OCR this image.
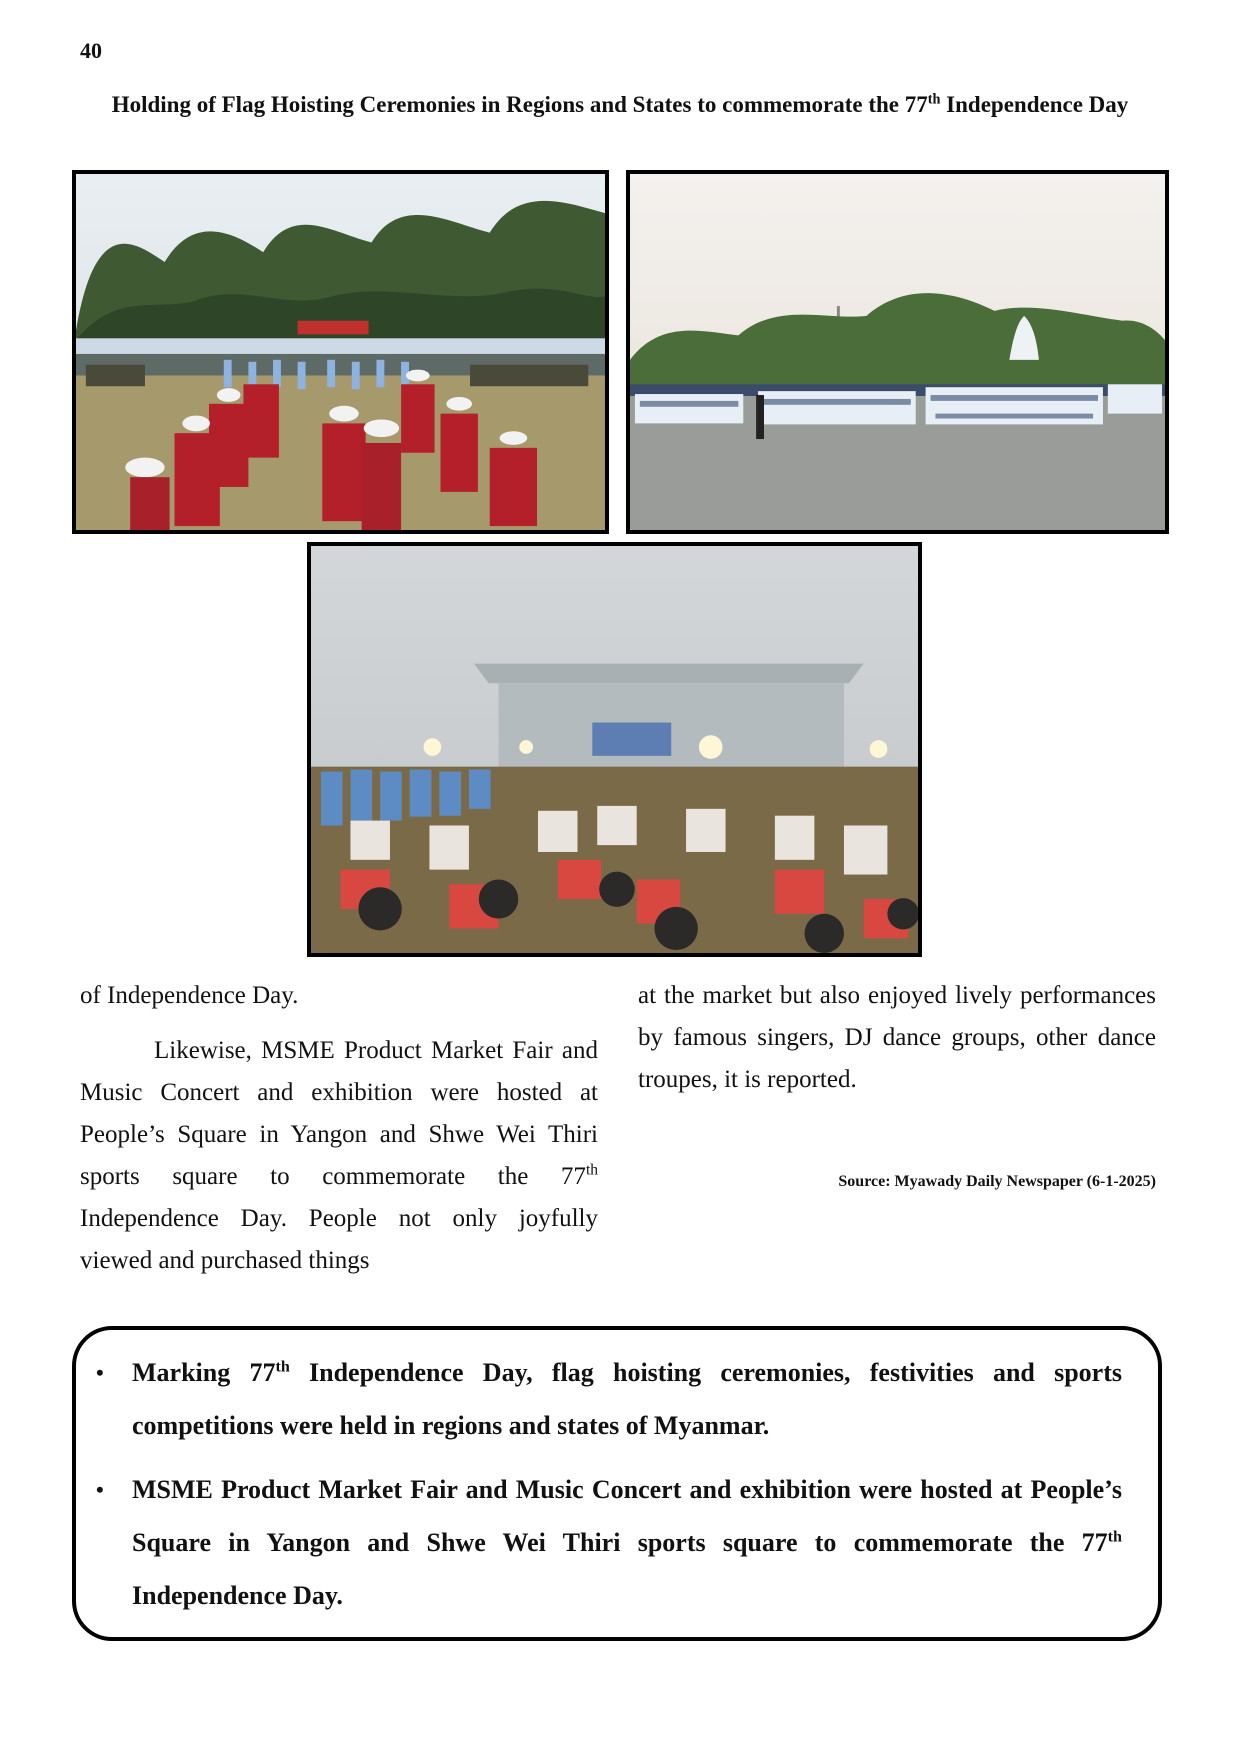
40
Holding of Flag Hoisting Ceremonies in Regions and States to commemorate the 77th Independence Day

of Independence Day.

Likewise, MSME Product Market Fair and Music Concert and exhibition were hosted at People’s Square in Yangon and Shwe Wei Thiri sports square to commemorate the 77th Independence Day. People not only joyfully viewed and purchased things

at the market but also enjoyed lively performances by famous singers, DJ dance groups, other dance troupes, it is reported.

Source: Myawady Daily Newspaper (6-1-2025)
• Marking 77th Independence Day, flag hoisting ceremonies, festivities and sports competitions were held in regions and states of Myanmar.
• MSME Product Market Fair and Music Concert and exhibition were hosted at People’s Square in Yangon and Shwe Wei Thiri sports square to commemorate the 77th Independence Day.
